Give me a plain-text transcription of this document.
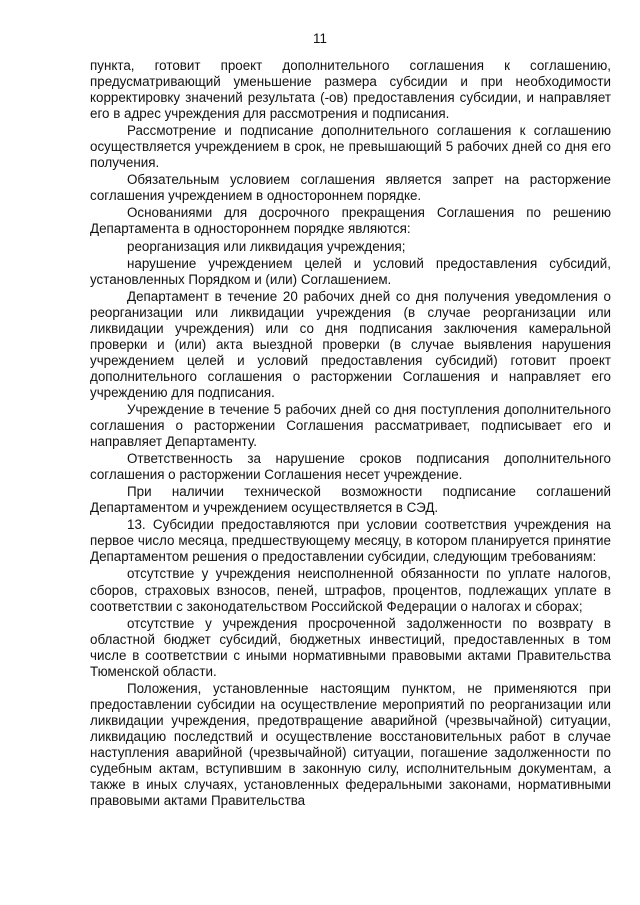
11

пункта, готовит проект дополнительного соглашения к соглашению, предусматривающий уменьшение размера субсидии и при необходимости корректировку значений результата (-ов) предоставления субсидии, и направляет его в адрес учреждения для рассмотрения и подписания.

Рассмотрение и подписание дополнительного соглашения к соглашению осуществляется учреждением в срок, не превышающий 5 рабочих дней со дня его получения.

Обязательным условием соглашения является запрет на расторжение соглашения учреждением в одностороннем порядке.

Основаниями для досрочного прекращения Соглашения по решению Департамента в одностороннем порядке являются:

реорганизация или ликвидация учреждения;

нарушение учреждением целей и условий предоставления субсидий, установленных Порядком и (или) Соглашением.

Департамент в течение 20 рабочих дней со дня получения уведомления о реорганизации или ликвидации учреждения (в случае реорганизации или ликвидации учреждения) или со дня подписания заключения камеральной проверки и (или) акта выездной проверки (в случае выявления нарушения учреждением целей и условий предоставления субсидий) готовит проект дополнительного соглашения о расторжении Соглашения и направляет его учреждению для подписания.

Учреждение в течение 5 рабочих дней со дня поступления дополнительного соглашения о расторжении Соглашения рассматривает, подписывает его и направляет Департаменту.

Ответственность за нарушение сроков подписания дополнительного соглашения о расторжении Соглашения несет учреждение.

При наличии технической возможности подписание соглашений Департаментом и учреждением осуществляется в СЭД.

13. Субсидии предоставляются при условии соответствия учреждения на первое число месяца, предшествующему месяцу, в котором планируется принятие Департаментом решения о предоставлении субсидии, следующим требованиям:

отсутствие у учреждения неисполненной обязанности по уплате налогов, сборов, страховых взносов, пеней, штрафов, процентов, подлежащих уплате в соответствии с законодательством Российской Федерации о налогах и сборах;

отсутствие у учреждения просроченной задолженности по возврату в областной бюджет субсидий, бюджетных инвестиций, предоставленных в том числе в соответствии с иными нормативными правовыми актами Правительства Тюменской области.

Положения, установленные настоящим пунктом, не применяются при предоставлении субсидии на осуществление мероприятий по реорганизации или ликвидации учреждения, предотвращение аварийной (чрезвычайной) ситуации, ликвидацию последствий и осуществление восстановительных работ в случае наступления аварийной (чрезвычайной) ситуации, погашение задолженности по судебным актам, вступившим в законную силу, исполнительным документам, а также в иных случаях, установленных федеральными законами, нормативными правовыми актами Правительства
